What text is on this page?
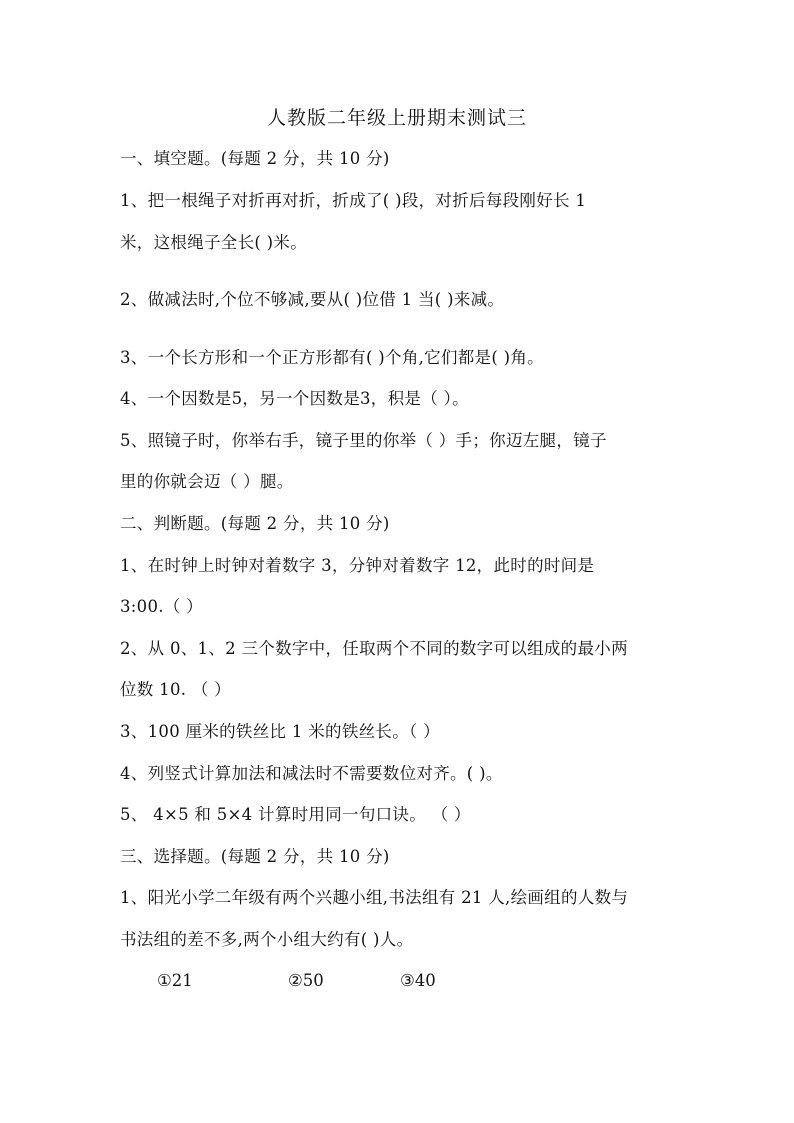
人教版二年级上册期末测试三
一、填空题。(每题 2 分，共 10 分)
1、把一根绳子对折再对折，折成了( )段，对折后每段刚好长 1
米，这根绳子全长( )米。
2、做减法时,个位不够减,要从( )位借 1 当( )来减。
3、一个长方形和一个正方形都有( )个角,它们都是( )角。
4、一个因数是5，另一个因数是3，积是（ ）。
5、照镜子时，你举右手，镜子里的你举（ ）手；你迈左腿，镜子
里的你就会迈（ ）腿。
二、判断题。(每题 2 分，共 10 分)
1、在时钟上时钟对着数字 3，分钟对着数字 12，此时的时间是
3:00.（ ）
2、从 0、1、2 三个数字中，任取两个不同的数字可以组成的最小两
位数 10. （ ）
3、100 厘米的铁丝比 1 米的铁丝长。（ ）
4、列竖式计算加法和减法时不需要数位对齐。( )。
5、 4×5 和 5×4 计算时用同一句口诀。 （ ）
三、选择题。(每题 2 分，共 10 分)
1、阳光小学二年级有两个兴趣小组,书法组有 21 人,绘画组的人数与
书法组的差不多,两个小组大约有( )人。
①21	②50	③40
